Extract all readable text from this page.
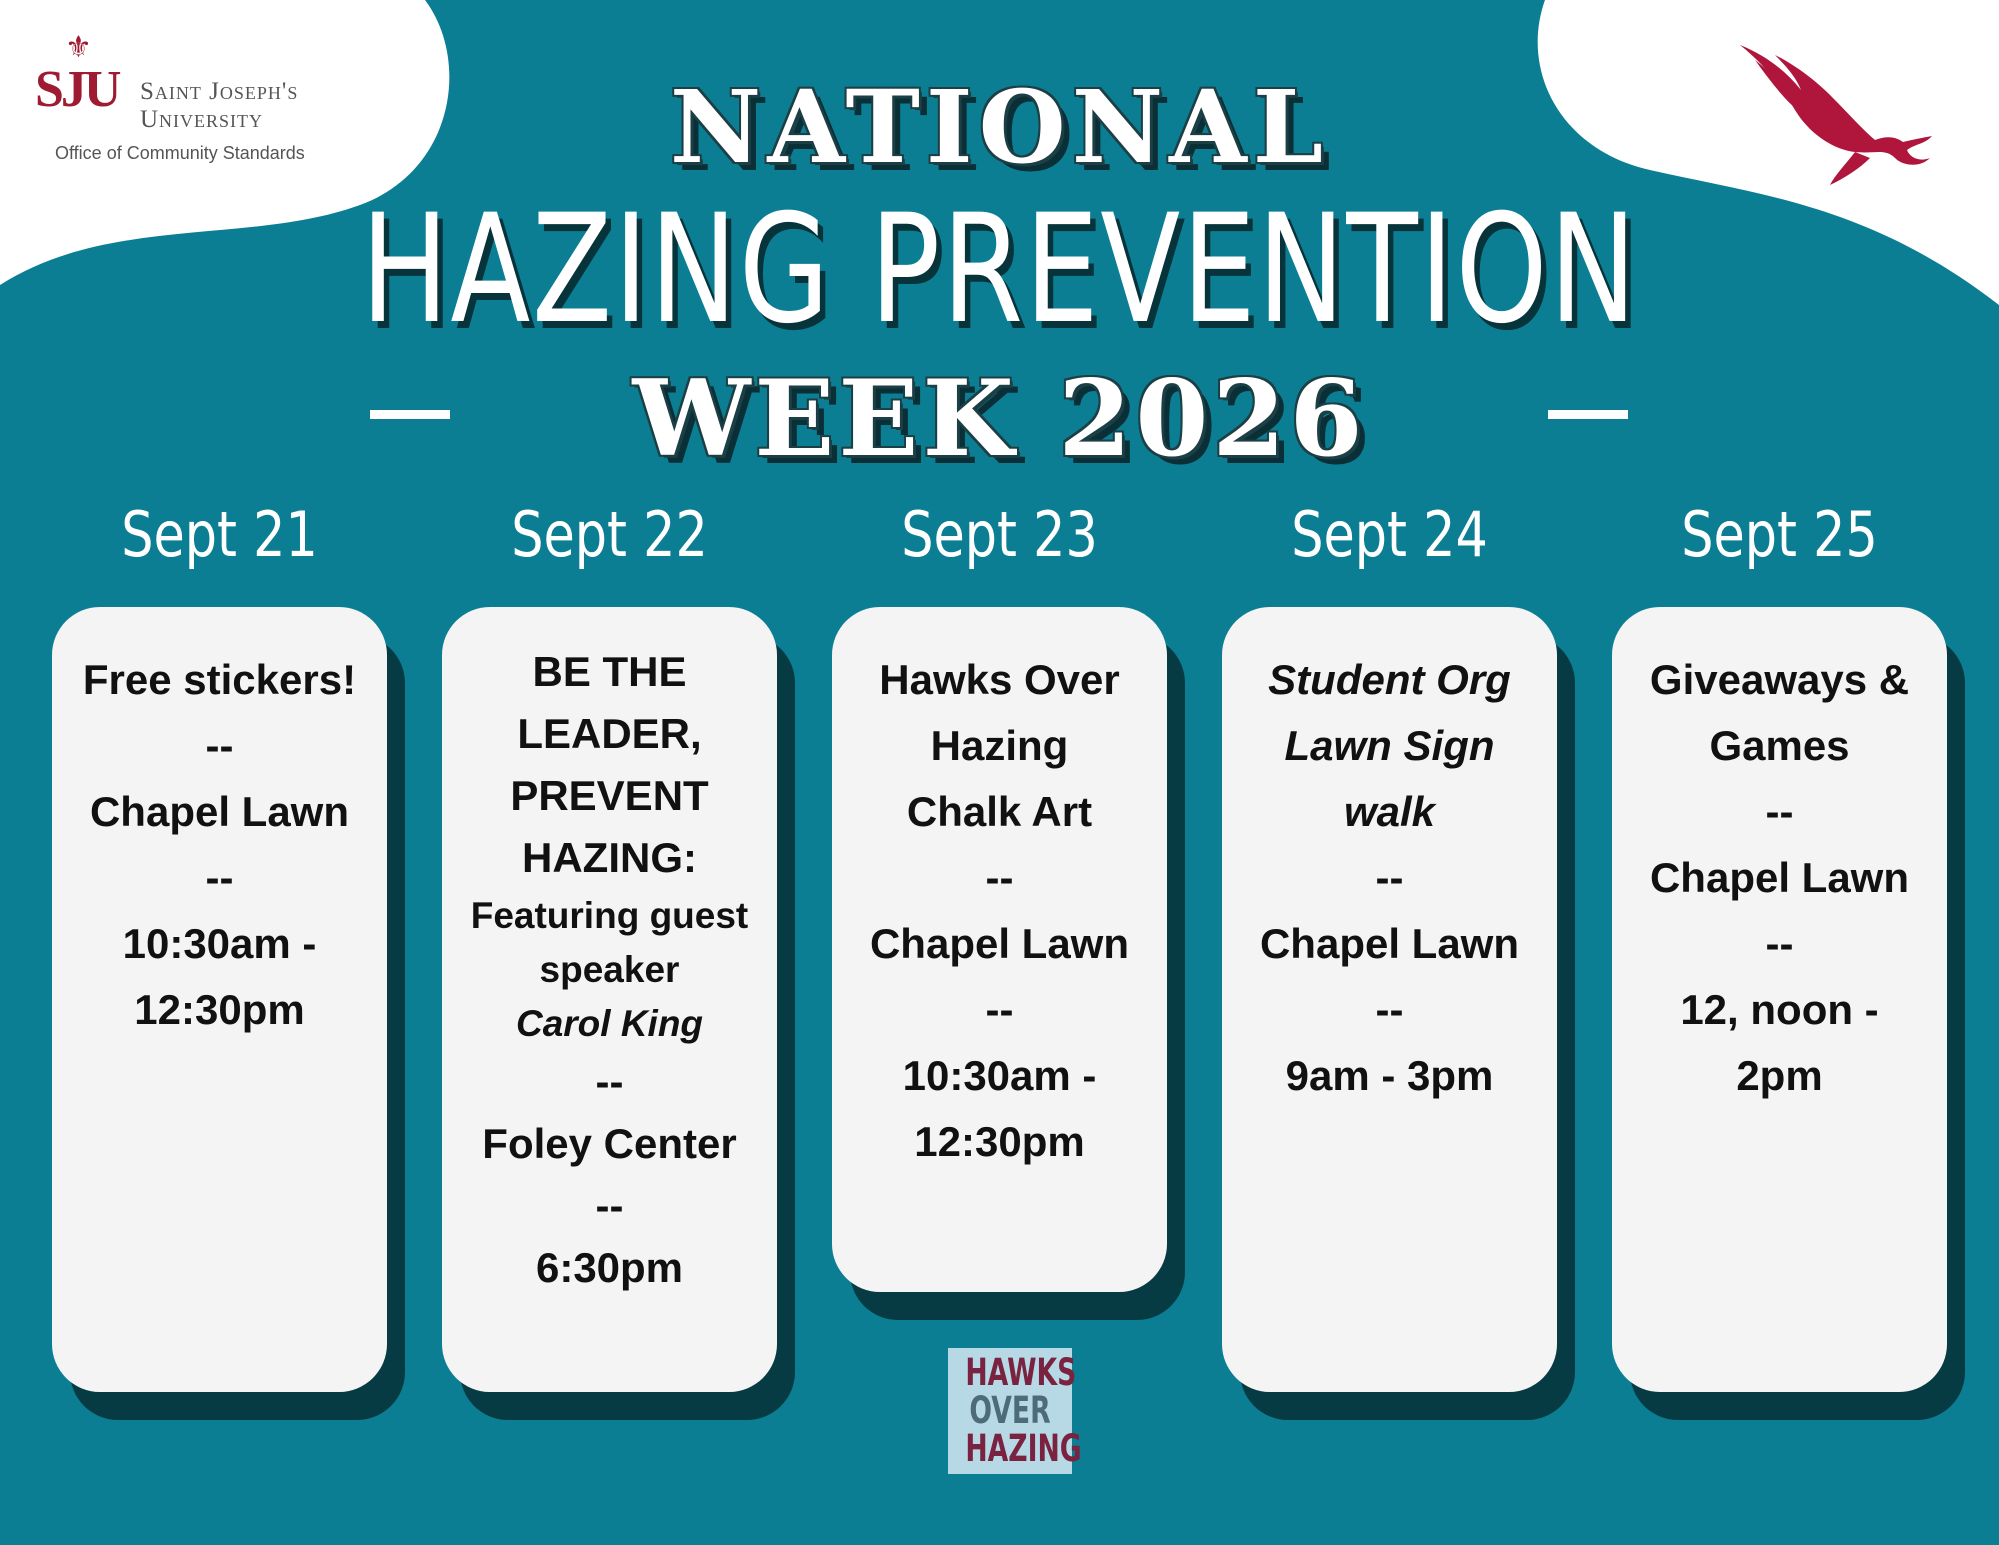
⚜
SJU Saint Joseph's
University
Office of Community Standards	NATIONAL
HAZING PREVENTION
WEEK 2026
Sept 21	Sept 22	Sept 23	Sept 24	Sept 25
Free stickers!
--
Chapel Lawn
--
10:30am -
12:30pm
BE THE
LEADER,
PREVENT
HAZING:
Featuring guest
speaker
Carol King
--
Foley Center
--
6:30pm
Hawks Over
Hazing
Chalk Art
--
Chapel Lawn
--
10:30am -
12:30pm
Student Org
Lawn Sign
walk
--
Chapel Lawn
--
9am - 3pm
Giveaways &
Games
--
Chapel Lawn
--
12, noon -
2pm
HAWKS
OVER
HAZING
